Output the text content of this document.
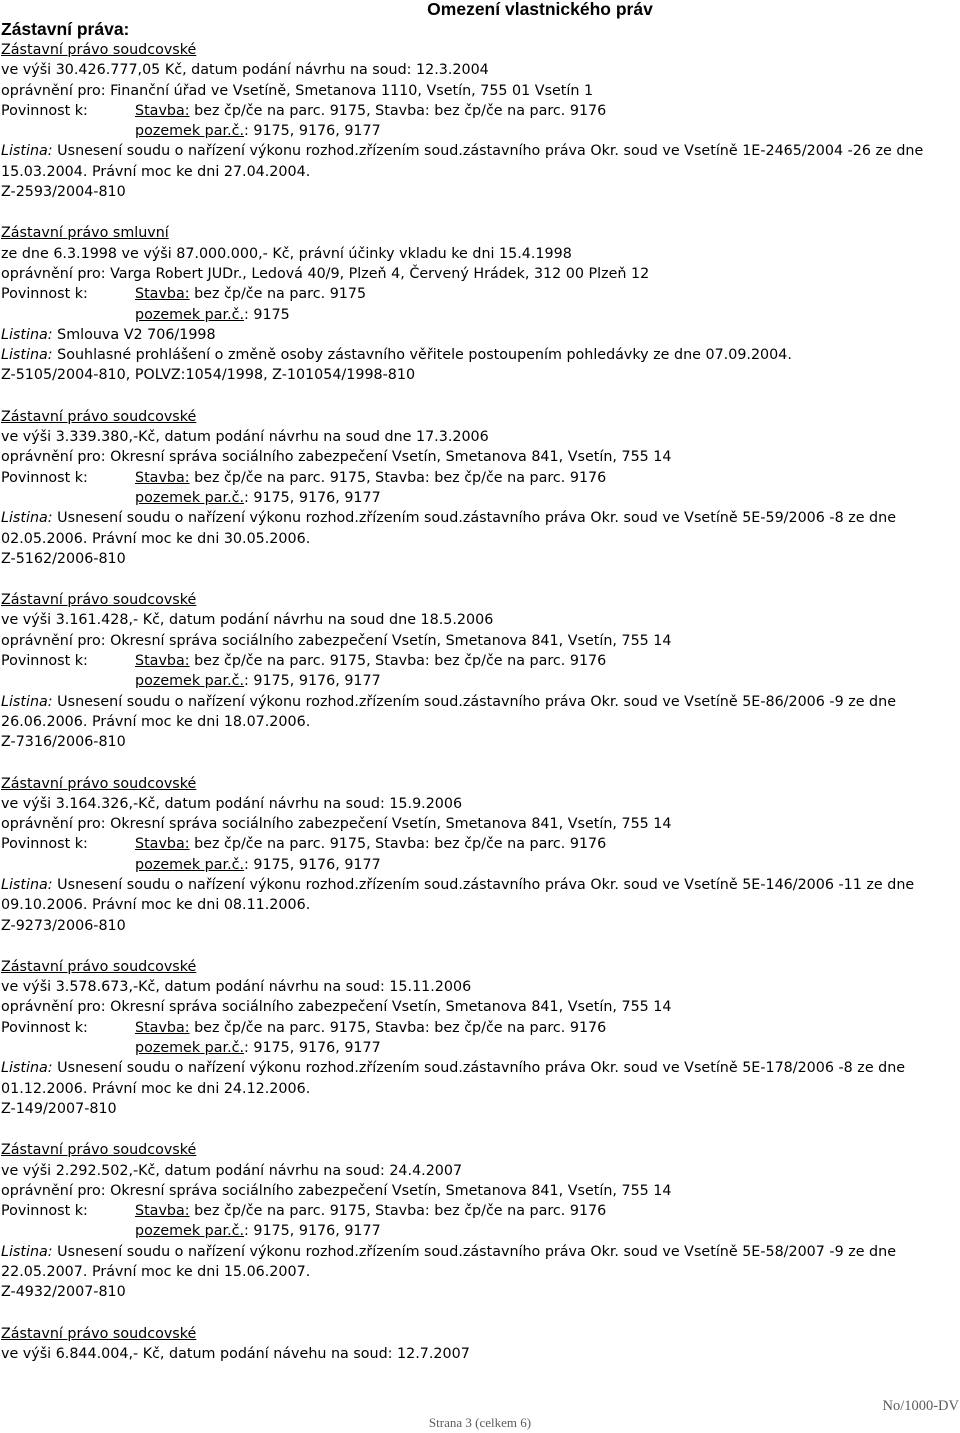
Omezení vlastnického práv
Zástavní práva:
Zástavní právo soudcovské
ve výši 30.426.777,05 Kč, datum podání návrhu na soud: 12.3.2004
oprávnění pro: Finanční úřad ve Vsetíně, Smetanova 1110, Vsetín, 755 01 Vsetín 1
Povinnost k:	Stavba: bez čp/če na parc. 9175, Stavba: bez čp/če na parc. 9176
pozemek par.č.: 9175, 9176, 9177
Listina: Usnesení soudu o nařízení výkonu rozhod.zřízením soud.zástavního práva Okr. soud ve Vsetíně 1E-2465/2004 -26 ze dne 15.03.2004. Právní moc ke dni 27.04.2004.
Z-2593/2004-810
Zástavní právo smluvní
ze dne 6.3.1998 ve výši 87.000.000,- Kč, právní účinky vkladu ke dni 15.4.1998
oprávnění pro: Varga Robert JUDr., Ledová 40/9, Plzeň 4, Červený Hrádek, 312 00 Plzeň 12
Povinnost k:	Stavba: bez čp/če na parc. 9175
pozemek par.č.: 9175
Listina: Smlouva V2 706/1998
Listina: Souhlasné prohlášení o změně osoby zástavního věřitele postoupením pohledávky ze dne 07.09.2004.
Z-5105/2004-810, POLVZ:1054/1998, Z-101054/1998-810
Zástavní právo soudcovské
ve výši 3.339.380,-Kč, datum podání návrhu na soud dne 17.3.2006
oprávnění pro: Okresní správa sociálního zabezpečení Vsetín, Smetanova 841, Vsetín, 755 14
Povinnost k:	Stavba: bez čp/če na parc. 9175, Stavba: bez čp/če na parc. 9176
pozemek par.č.: 9175, 9176, 9177
Listina: Usnesení soudu o nařízení výkonu rozhod.zřízením soud.zástavního práva Okr. soud ve Vsetíně 5E-59/2006 -8 ze dne 02.05.2006. Právní moc ke dni 30.05.2006.
Z-5162/2006-810
Zástavní právo soudcovské
ve výši 3.161.428,- Kč, datum podání návrhu na soud dne 18.5.2006
oprávnění pro: Okresní správa sociálního zabezpečení Vsetín, Smetanova 841, Vsetín, 755 14
Povinnost k:	Stavba: bez čp/če na parc. 9175, Stavba: bez čp/če na parc. 9176
pozemek par.č.: 9175, 9176, 9177
Listina: Usnesení soudu o nařízení výkonu rozhod.zřízením soud.zástavního práva Okr. soud ve Vsetíně 5E-86/2006 -9 ze dne 26.06.2006. Právní moc ke dni 18.07.2006.
Z-7316/2006-810
Zástavní právo soudcovské
ve výši 3.164.326,-Kč, datum podání návrhu na soud: 15.9.2006
oprávnění pro: Okresní správa sociálního zabezpečení Vsetín, Smetanova 841, Vsetín, 755 14
Povinnost k:	Stavba: bez čp/če na parc. 9175, Stavba: bez čp/če na parc. 9176
pozemek par.č.: 9175, 9176, 9177
Listina: Usnesení soudu o nařízení výkonu rozhod.zřízením soud.zástavního práva Okr. soud ve Vsetíně 5E-146/2006 -11 ze dne 09.10.2006. Právní moc ke dni 08.11.2006.
Z-9273/2006-810
Zástavní právo soudcovské
ve výši 3.578.673,-Kč, datum podání návrhu na soud: 15.11.2006
oprávnění pro: Okresní správa sociálního zabezpečení Vsetín, Smetanova 841, Vsetín, 755 14
Povinnost k:	Stavba: bez čp/če na parc. 9175, Stavba: bez čp/če na parc. 9176
pozemek par.č.: 9175, 9176, 9177
Listina: Usnesení soudu o nařízení výkonu rozhod.zřízením soud.zástavního práva Okr. soud ve Vsetíně 5E-178/2006 -8 ze dne 01.12.2006. Právní moc ke dni 24.12.2006.
Z-149/2007-810
Zástavní právo soudcovské
ve výši 2.292.502,-Kč, datum podání návrhu na soud: 24.4.2007
oprávnění pro: Okresní správa sociálního zabezpečení Vsetín, Smetanova 841, Vsetín, 755 14
Povinnost k:	Stavba: bez čp/če na parc. 9175, Stavba: bez čp/če na parc. 9176
pozemek par.č.: 9175, 9176, 9177
Listina: Usnesení soudu o nařízení výkonu rozhod.zřízením soud.zástavního práva Okr. soud ve Vsetíně 5E-58/2007 -9 ze dne 22.05.2007. Právní moc ke dni 15.06.2007.
Z-4932/2007-810
Zástavní právo soudcovské
ve výši 6.844.004,- Kč, datum podání návehu na soud: 12.7.2007
Strana 3 (celkem 6)
No/1000-DV
